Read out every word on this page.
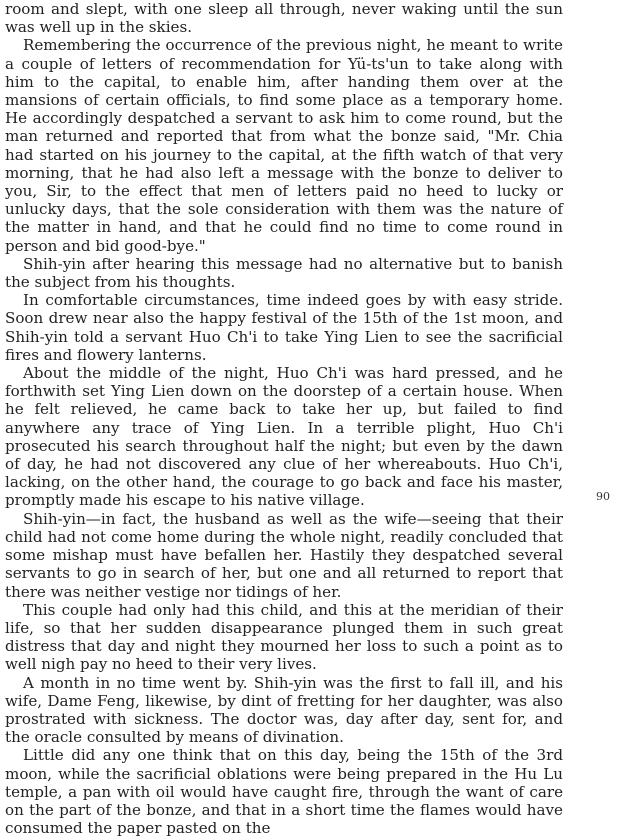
room and slept, with one sleep all through, never waking until the sun was well up in the skies.

Remembering the occurrence of the previous night, he meant to write a couple of letters of recommendation for Yü-ts'un to take along with him to the capital, to enable him, after handing them over at the mansions of certain officials, to find some place as a temporary home. He accordingly despatched a servant to ask him to come round, but the man returned and reported that from what the bonze said, "Mr. Chia had started on his journey to the capital, at the fifth watch of that very morning, that he had also left a message with the bonze to deliver to you, Sir, to the effect that men of letters paid no heed to lucky or unlucky days, that the sole consideration with them was the nature of the matter in hand, and that he could find no time to come round in person and bid good-bye."

Shih-yin after hearing this message had no alternative but to banish the subject from his thoughts.

In comfortable circumstances, time indeed goes by with easy stride. Soon drew near also the happy festival of the 15th of the 1st moon, and Shih-yin told a servant Huo Ch'i to take Ying Lien to see the sacrificial fires and flowery lanterns.

About the middle of the night, Huo Ch'i was hard pressed, and he forthwith set Ying Lien down on the doorstep of a certain house. When he felt relieved, he came back to take her up, but failed to find anywhere any trace of Ying Lien. In a terrible plight, Huo Ch'i prosecuted his search throughout half the night; but even by the dawn of day, he had not discovered any clue of her whereabouts. Huo Ch'i, lacking, on the other hand, the courage to go back and face his master, promptly made his escape to his native village.

Shih-yin—in fact, the husband as well as the wife—seeing that their child had not come home during the whole night, readily concluded that some mishap must have befallen her. Hastily they despatched several servants to go in search of her, but one and all returned to report that there was neither vestige nor tidings of her.

This couple had only had this child, and this at the meridian of their life, so that her sudden disappearance plunged them in such great distress that day and night they mourned her loss to such a point as to well nigh pay no heed to their very lives.

A month in no time went by. Shih-yin was the first to fall ill, and his wife, Dame Feng, likewise, by dint of fretting for her daughter, was also prostrated with sickness. The doctor was, day after day, sent for, and the oracle consulted by means of divination.

Little did any one think that on this day, being the 15th of the 3rd moon, while the sacrificial oblations were being prepared in the Hu Lu temple, a pan with oil would have caught fire, through the want of care on the part of the bonze, and that in a short time the flames would have consumed the paper pasted on the

90
